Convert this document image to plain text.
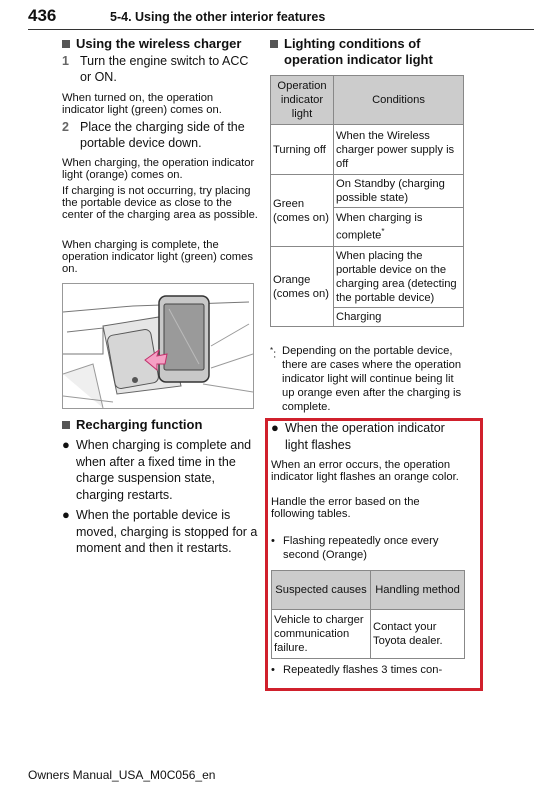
436	5-4. Using the other interior features
Using the wireless charger
1 Turn the engine switch to ACC or ON.
When turned on, the operation indicator light (green) comes on.
2 Place the charging side of the portable device down.
When charging, the operation indicator light (orange) comes on.
If charging is not occurring, try placing the portable device as close to the center of the charging area as possible.
When charging is complete, the operation indicator light (green) comes on.
Recharging function
● When charging is complete and when after a fixed time in the charge suspension state, charging restarts.
● When the portable device is moved, charging is stopped for a moment and then it restarts.
Lighting conditions of operation indicator light
Operation indicator light	Conditions
Turning off	When the Wireless charger power supply is off
Green (comes on)	On Standby (charging possible state)
	When charging is complete*
Orange (comes on)	When placing the portable device on the charging area (detecting the portable device)
	Charging
*: Depending on the portable device, there are cases where the operation indicator light will continue being lit up orange even after the charging is complete.
● When the operation indicator light flashes
When an error occurs, the operation indicator light flashes an orange color.
Handle the error based on the following tables.
• Flashing repeatedly once every second (Orange)
Suspected causes	Handling method
Vehicle to charger communication failure.	Contact your Toyota dealer.
• Repeatedly flashes 3 times con-
Owners Manual_USA_M0C056_en
